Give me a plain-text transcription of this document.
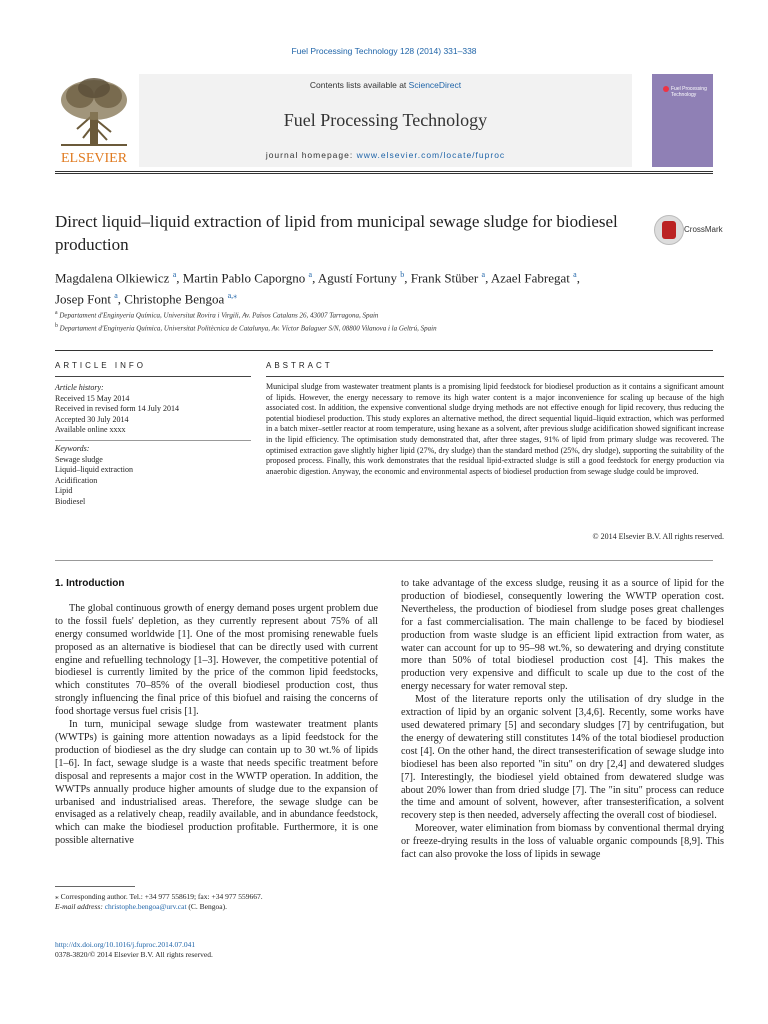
Fuel Processing Technology 128 (2014) 331–338
ELSEVIER
Contents lists available at ScienceDirect
Fuel Processing Technology
journal homepage: www.elsevier.com/locate/fuproc
Fuel Processing Technology
Direct liquid–liquid extraction of lipid from municipal sewage sludge for biodiesel production
CrossMark
Magdalena Olkiewicz $^a$, Martin Pablo Caporgno $^a$, Agustí Fortuny $^b$, Frank Stüber $^a$, Azael Fabregat $^a$,
Josep Font $^a$, Christophe Bengoa $^{a,⁎}$
$^a$ Departament d'Enginyeria Química, Universitat Rovira i Virgili, Av. Països Catalans 26, 43007 Tarragona, Spain
$^b$ Departament d'Enginyeria Química, Universitat Politècnica de Catalunya, Av. Víctor Balaguer S/N, 08800 Vilanova i la Geltrú, Spain
ARTICLE INFO	ABSTRACT
Article history:
Received 15 May 2014
Received in revised form 14 July 2014
Accepted 30 July 2014
Available online xxxx
Keywords:
Sewage sludge
Liquid–liquid extraction
Acidification
Lipid
Biodiesel
Municipal sludge from wastewater treatment plants is a promising lipid feedstock for biodiesel production as it contains a significant amount of lipids. However, the energy necessary to remove its high water content is a major inconvenience for scaling up because of the high associated cost. In addition, the expensive conventional sludge drying methods are not effective enough for lipid recovery, thus reducing the potential biodiesel production. This study explores an alternative method, the direct sequential liquid–liquid extraction, which was performed in a batch mixer–settler reactor at room temperature, using hexane as a solvent, after previous sludge acidification showed significant increase in the lipid efficiency. The optimisation study demonstrated that, after three stages, 91% of lipid from primary sludge was recovered. The optimised extraction gave slightly higher lipid (27%, dry sludge) than the standard method (25%, dry sludge), supporting the suitability of the proposed process. Finally, this work demonstrates that the residual lipid-extracted sludge is still a good feedstock for energy production via anaerobic digestion. Anyway, the economic and environmental aspects of biodiesel production from sewage sludge could be improved.
© 2014 Elsevier B.V. All rights reserved.
1. Introduction

The global continuous growth of energy demand poses urgent problem due to the fossil fuels' depletion, as they currently represent about 75% of all energy consumed worldwide [1]. One of the most promising renewable fuels proposed as an alternative is biodiesel that can be directly used with current engine and refuelling technology [1–3]. However, the competitive potential of biodiesel is currently limited by the price of the common lipid feedstocks, which constitutes 70–85% of the overall biodiesel production cost, thus strongly influencing the final price of this biofuel and raising the concerns of food shortage versus fuel crisis [1].

In turn, municipal sewage sludge from wastewater treatment plants (WWTPs) is gaining more attention nowadays as a lipid feedstock for the production of biodiesel as the dry sludge can contain up to 30 wt.% of lipids [1–6]. In fact, sewage sludge is a waste that needs specific treatment before disposal and represents a major cost in the WWTP operation. In addition, the WWTPs annually produce higher amounts of sludge due to the expansion of urbanised and industrialised areas. Therefore, the sewage sludge can be envisaged as a relatively cheap, readily available, and in abundance feedstock, which can make the biodiesel production profitable. Furthermore, it is one possible alternative

to take advantage of the excess sludge, reusing it as a source of lipid for the production of biodiesel, consequently lowering the WWTP operation cost. Nevertheless, the production of biodiesel from sludge poses great challenges for a fast commercialisation. The main challenge to be faced by biodiesel production from waste sludge is an efficient lipid extraction from water, as water can account for up to 95–98 wt.%, so dewatering and drying constitute more than 50% of total biodiesel production cost [4]. This makes the production very expensive and difficult to scale up due to the cost of the energy necessary for water removal step.

Most of the literature reports only the utilisation of dry sludge in the extraction of lipid by an organic solvent [3,4,6]. Recently, some works have used dewatered primary [5] and secondary sludges [7] by centrifugation, but the energy of dewatering still constitutes 14% of the total biodiesel production cost [4]. On the other hand, the direct transesterification of sewage sludge into biodiesel has been also reported "in situ" on dry [2,4] and dewatered sludges [7]. Interestingly, the biodiesel yield obtained from dewatered sludge was about 20% lower than from dried sludge [7]. The "in situ" process can reduce the time and amount of solvent, however, after transesterification, a solvent recovery step is then needed, adversely affecting the overall cost of biodiesel.

Moreover, water elimination from biomass by conventional thermal drying or freeze-drying results in the loss of valuable organic compounds [8,9]. This fact can also provoke the loss of lipids in sewage

⁎ Corresponding author. Tel.: +34 977 558619; fax: +34 977 559667.
E-mail address: christophe.bengoa@urv.cat (C. Bengoa).
http://dx.doi.org/10.1016/j.fuproc.2014.07.041
0378-3820/© 2014 Elsevier B.V. All rights reserved.
